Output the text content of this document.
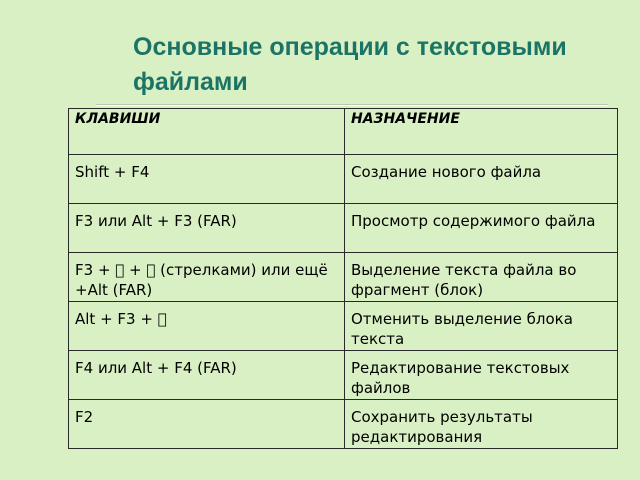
Основные операции с текстовыми файлами
КЛАВИШИ	НАЗНАЧЕНИЕ
Shift + F4	Создание нового файла
F3 или Alt + F3 (FAR)	Просмотр содержимого файла
F3 + + (стрелками) или ещё +Alt (FAR)	Выделение текста файла во фрагмент (блок)
Alt + F3 +	Отменить выделение блока текста
F4 или Alt + F4 (FAR)	Редактирование текстовых файлов
F2	Сохранить результаты редактирования
